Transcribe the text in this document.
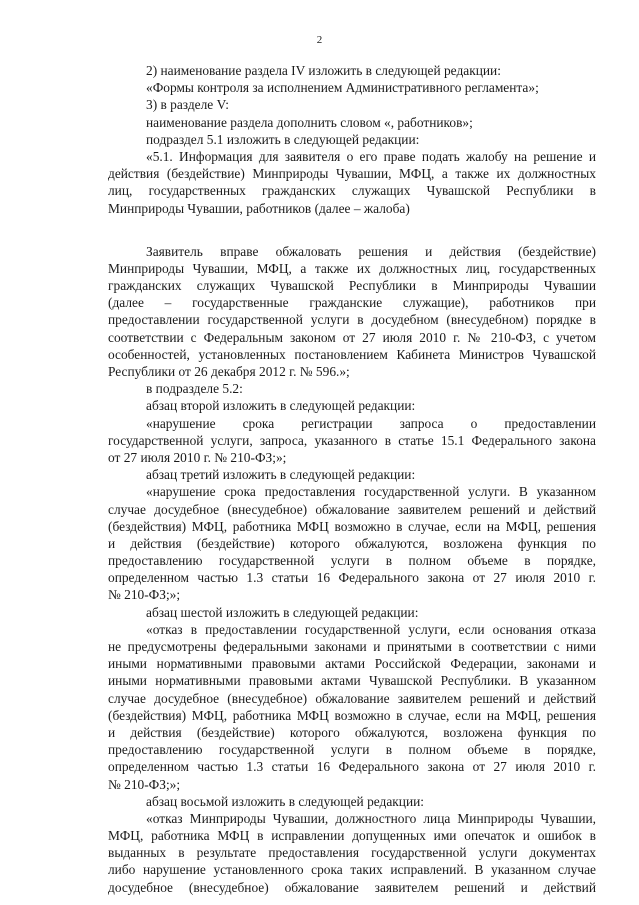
2
2) наименование раздела IV изложить в следующей редакции:
«Формы контроля за исполнением Административного регламента»;
3) в разделе V:
наименование раздела дополнить словом «, работников»;
подраздел 5.1 изложить в следующей редакции:
«5.1. Информация для заявителя о его праве подать жалобу на решение и
действия (бездействие) Минприроды Чувашии, МФЦ, а также их должностных
лиц, государственных гражданских служащих Чувашской Республики в
Минприроды Чувашии, работников (далее – жалоба)
Заявитель вправе обжаловать решения и действия (бездействие)
Минприроды Чувашии, МФЦ, а также их должностных лиц, государственных
гражданских служащих Чувашской Республики в Минприроды Чувашии
(далее – государственные гражданские служащие), работников при
предоставлении государственной услуги в досудебном (внесудебном) порядке в
соответствии с Федеральным законом от 27 июля 2010 г. № 210-ФЗ, с учетом
особенностей, установленных постановлением Кабинета Министров Чувашской
Республики от 26 декабря 2012 г. № 596.»;
в подразделе 5.2:
абзац второй изложить в следующей редакции:
«нарушение срока регистрации запроса о предоставлении
государственной услуги, запроса, указанного в статье 15.1 Федерального закона
от 27 июля 2010 г. № 210-ФЗ;»;
абзац третий изложить в следующей редакции:
«нарушение срока предоставления государственной услуги. В указанном
случае досудебное (внесудебное) обжалование заявителем решений и действий
(бездействия) МФЦ, работника МФЦ возможно в случае, если на МФЦ, решения
и действия (бездействие) которого обжалуются, возложена функция по
предоставлению государственной услуги в полном объеме в порядке,
определенном частью 1.3 статьи 16 Федерального закона от 27 июля 2010 г.
№ 210-ФЗ;»;
абзац шестой изложить в следующей редакции:
«отказ в предоставлении государственной услуги, если основания отказа
не предусмотрены федеральными законами и принятыми в соответствии с ними
иными нормативными правовыми актами Российской Федерации, законами и
иными нормативными правовыми актами Чувашской Республики. В указанном
случае досудебное (внесудебное) обжалование заявителем решений и действий
(бездействия) МФЦ, работника МФЦ возможно в случае, если на МФЦ, решения
и действия (бездействие) которого обжалуются, возложена функция по
предоставлению государственной услуги в полном объеме в порядке,
определенном частью 1.3 статьи 16 Федерального закона от 27 июля 2010 г.
№ 210-ФЗ;»;
абзац восьмой изложить в следующей редакции:
«отказ Минприроды Чувашии, должностного лица Минприроды Чувашии,
МФЦ, работника МФЦ в исправлении допущенных ими опечаток и ошибок в
выданных в результате предоставления государственной услуги документах
либо нарушение установленного срока таких исправлений. В указанном случае
досудебное (внесудебное) обжалование заявителем решений и действий
